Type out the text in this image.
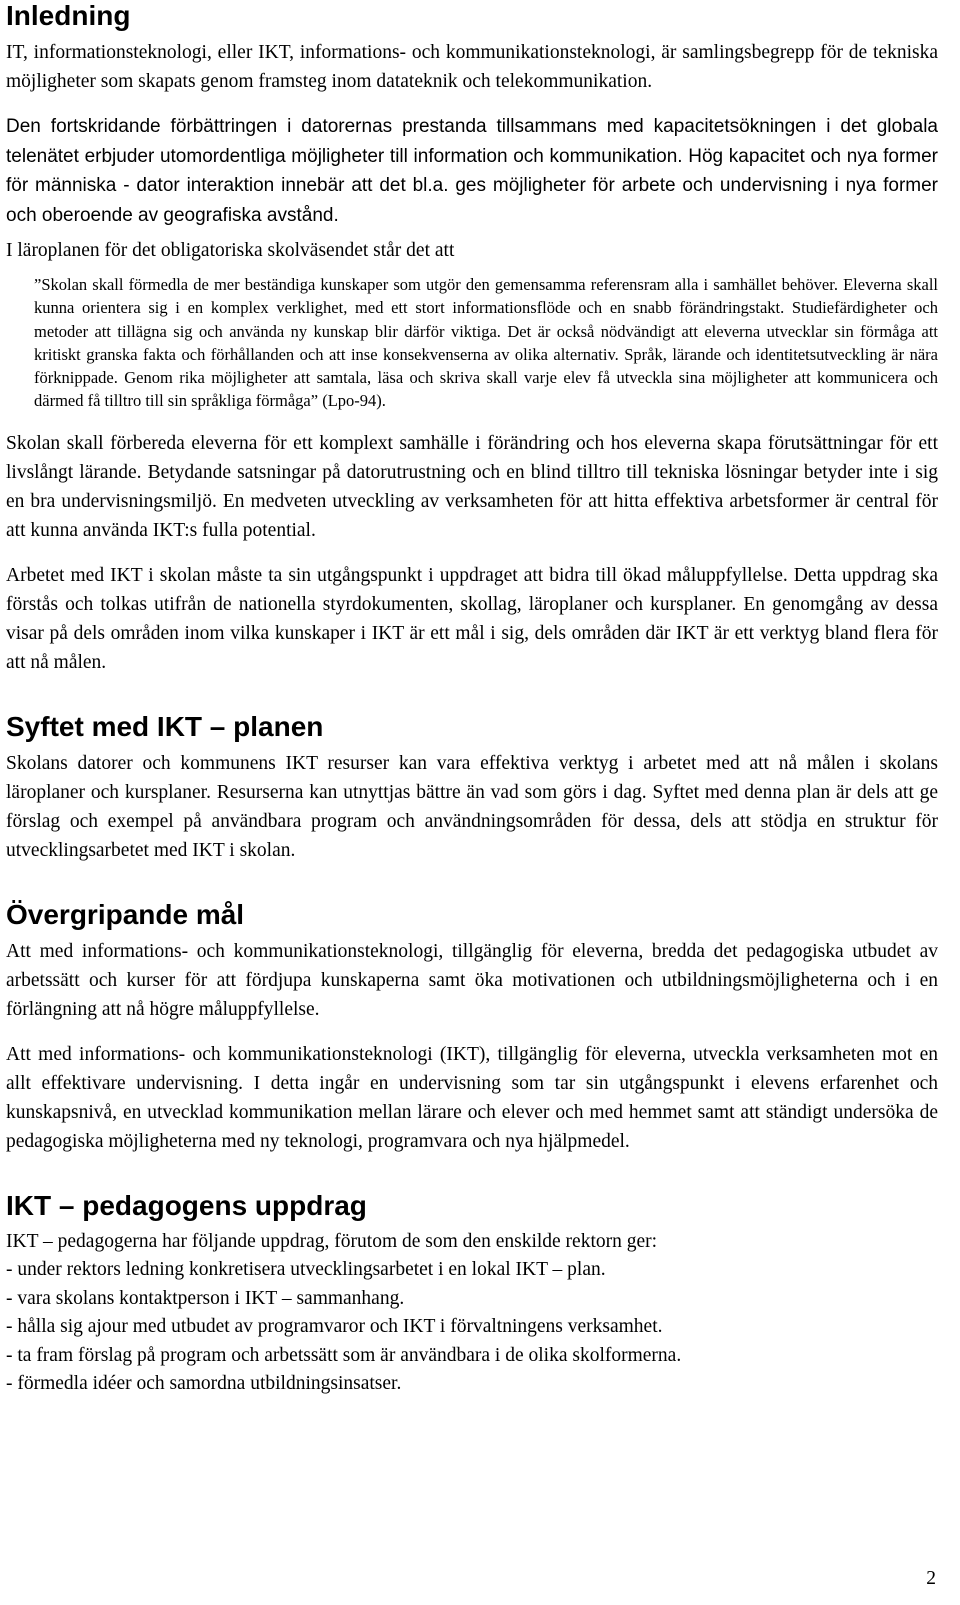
Inledning

IT, informationsteknologi, eller IKT, informations- och kommunikationsteknologi, är samlingsbegrepp för de tekniska möjligheter som skapats genom framsteg inom datateknik och telekommunikation.

Den fortskridande förbättringen i datorernas prestanda tillsammans med kapacitetsökningen i det globala telenätet erbjuder utomordentliga möjligheter till information och kommunikation. Hög kapacitet och nya former för människa - dator interaktion innebär att det bl.a. ges möjligheter för arbete och undervisning i nya former och oberoende av geografiska avstånd.

I läroplanen för det obligatoriska skolväsendet står det att

”Skolan skall förmedla de mer beständiga kunskaper som utgör den gemensamma referensram alla i samhället behöver. Eleverna skall kunna orientera sig i en komplex verklighet, med ett stort informationsflöde och en snabb förändringstakt. Studiefärdigheter och metoder att tillägna sig och använda ny kunskap blir därför viktiga. Det är också nödvändigt att eleverna utvecklar sin förmåga att kritiskt granska fakta och förhållanden och att inse konsekvenserna av olika alternativ. Språk, lärande och identitetsutveckling är nära förknippade. Genom rika möjligheter att samtala, läsa och skriva skall varje elev få utveckla sina möjligheter att kommunicera och därmed få tilltro till sin språkliga förmåga” (Lpo-94).

Skolan skall förbereda eleverna för ett komplext samhälle i förändring och hos eleverna skapa förutsättningar för ett livslångt lärande. Betydande satsningar på datorutrustning och en blind tilltro till tekniska lösningar betyder inte i sig en bra undervisningsmiljö. En medveten utveckling av verksamheten för att hitta effektiva arbetsformer är central för att kunna använda IKT:s fulla potential.

Arbetet med IKT i skolan måste ta sin utgångspunkt i uppdraget att bidra till ökad måluppfyllelse. Detta uppdrag ska förstås och tolkas utifrån de nationella styrdokumenten, skollag, läroplaner och kursplaner. En genomgång av dessa visar på dels områden inom vilka kunskaper i IKT är ett mål i sig, dels områden där IKT är ett verktyg bland flera för att nå målen.

Syftet med IKT – planen

Skolans datorer och kommunens IKT resurser kan vara effektiva verktyg i arbetet med att nå målen i skolans läroplaner och kursplaner. Resurserna kan utnyttjas bättre än vad som görs i dag. Syftet med denna plan är dels att ge förslag och exempel på användbara program och användningsområden för dessa, dels att stödja en struktur för utvecklingsarbetet med IKT i skolan.

Övergripande mål

Att med informations- och kommunikationsteknologi, tillgänglig för eleverna, bredda det pedagogiska utbudet av arbetssätt och kurser för att fördjupa kunskaperna samt öka motivationen och utbildningsmöjligheterna och i en förlängning att nå högre måluppfyllelse.

Att med informations- och kommunikationsteknologi (IKT), tillgänglig för eleverna, utveckla verksamheten mot en allt effektivare undervisning. I detta ingår en undervisning som tar sin utgångspunkt i elevens erfarenhet och kunskapsnivå, en utvecklad kommunikation mellan lärare och elever och med hemmet samt att ständigt undersöka de pedagogiska möjligheterna med ny teknologi, programvara och nya hjälpmedel.

IKT – pedagogens uppdrag
IKT – pedagogerna har följande uppdrag, förutom de som den enskilde rektorn ger:
- under rektors ledning konkretisera utvecklingsarbetet i en lokal IKT – plan.
- vara skolans kontaktperson i IKT – sammanhang.
- hålla sig ajour med utbudet av programvaror och IKT i förvaltningens verksamhet.
- ta fram förslag på program och arbetssätt som är användbara i de olika skolformerna.
- förmedla idéer och samordna utbildningsinsatser.
2
